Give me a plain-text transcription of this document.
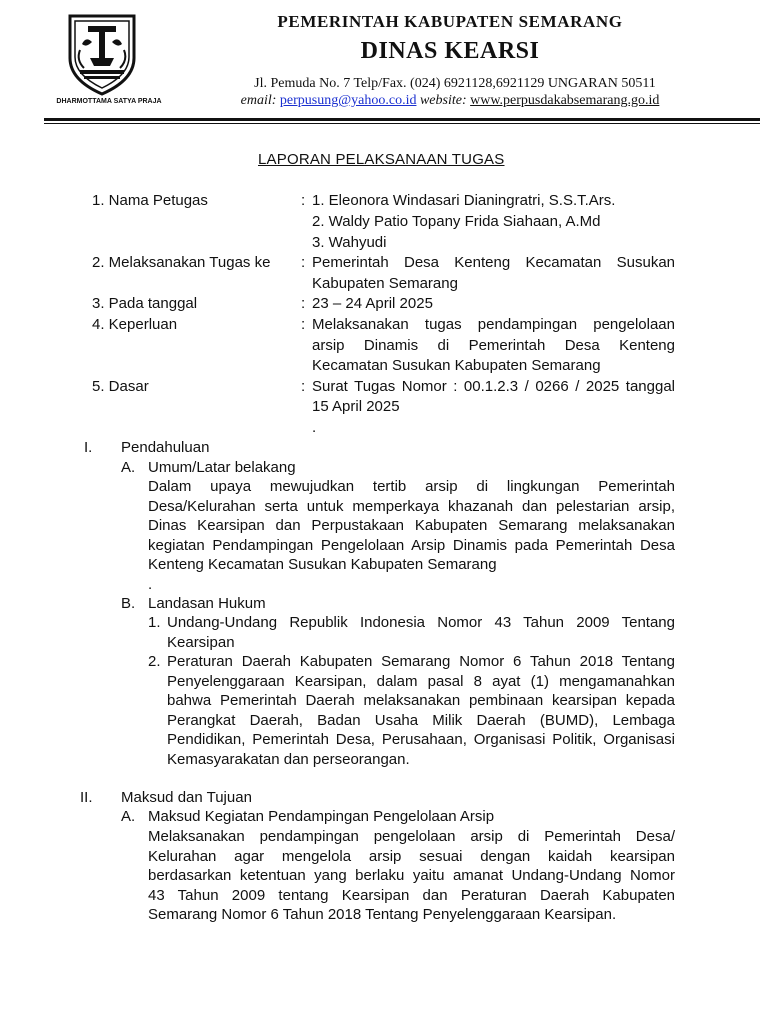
DHARMOTTAMA SATYA PRAJA
PEMERINTAH KABUPATEN SEMARANG
DINAS KEARSI
Jl. Pemuda No. 7 Telp/Fax. (024) 6921128,6921129 UNGARAN 50511
email: perpusung@yahoo.co.id website: www.perpusdakabsemarang.go.id
LAPORAN PELAKSANAAN TUGAS
1. Nama Petugas	: 1. Eleonora Windasari Dianingratri, S.S.T.Ars.
2. Waldy Patio Topany Frida Siahaan, A.Md
3. Wahyudi
2. Melaksanakan Tugas ke : Pemerintah Desa Kenteng Kecamatan Susukan
Kabupaten Semarang
3. Pada tanggal	: 23 – 24 April 2025
4. Keperluan	: Melaksanakan tugas pendampingan pengelolaan
arsip Dinamis di Pemerintah Desa Kenteng
Kecamatan Susukan Kabupaten Semarang
5. Dasar	: Surat Tugas Nomor : 00.1.2.3 / 0266 / 2025 tanggal
15 April 2025
.
I. Pendahuluan
A. Umum/Latar belakang
Dalam upaya mewujudkan tertib arsip di lingkungan Pemerintah
Desa/Kelurahan serta untuk memperkaya khazanah dan pelestarian arsip,
Dinas Kearsipan dan Perpustakaan Kabupaten Semarang melaksanakan
kegiatan Pendampingan Pengelolaan Arsip Dinamis pada Pemerintah Desa
Kenteng Kecamatan Susukan Kabupaten Semarang
.
B. Landasan Hukum
1. Undang-Undang Republik Indonesia Nomor 43 Tahun 2009 Tentang
Kearsipan
2. Peraturan Daerah Kabupaten Semarang Nomor 6 Tahun 2018 Tentang
Penyelenggaraan Kearsipan, dalam pasal 8 ayat (1) mengamanahkan
bahwa Pemerintah Daerah melaksanakan pembinaan kearsipan kepada
Perangkat Daerah, Badan Usaha Milik Daerah (BUMD), Lembaga
Pendidikan, Pemerintah Desa, Perusahaan, Organisasi Politik, Organisasi
Kemasyarakatan dan perseorangan.
II. Maksud dan Tujuan
A. Maksud Kegiatan Pendampingan Pengelolaan Arsip
Melaksanakan pendampingan pengelolaan arsip di Pemerintah Desa/
Kelurahan agar mengelola arsip sesuai dengan kaidah kearsipan
berdasarkan ketentuan yang berlaku yaitu amanat Undang-Undang Nomor
43 Tahun 2009 tentang Kearsipan dan Peraturan Daerah Kabupaten
Semarang Nomor 6 Tahun 2018 Tentang Penyelenggaraan Kearsipan.
